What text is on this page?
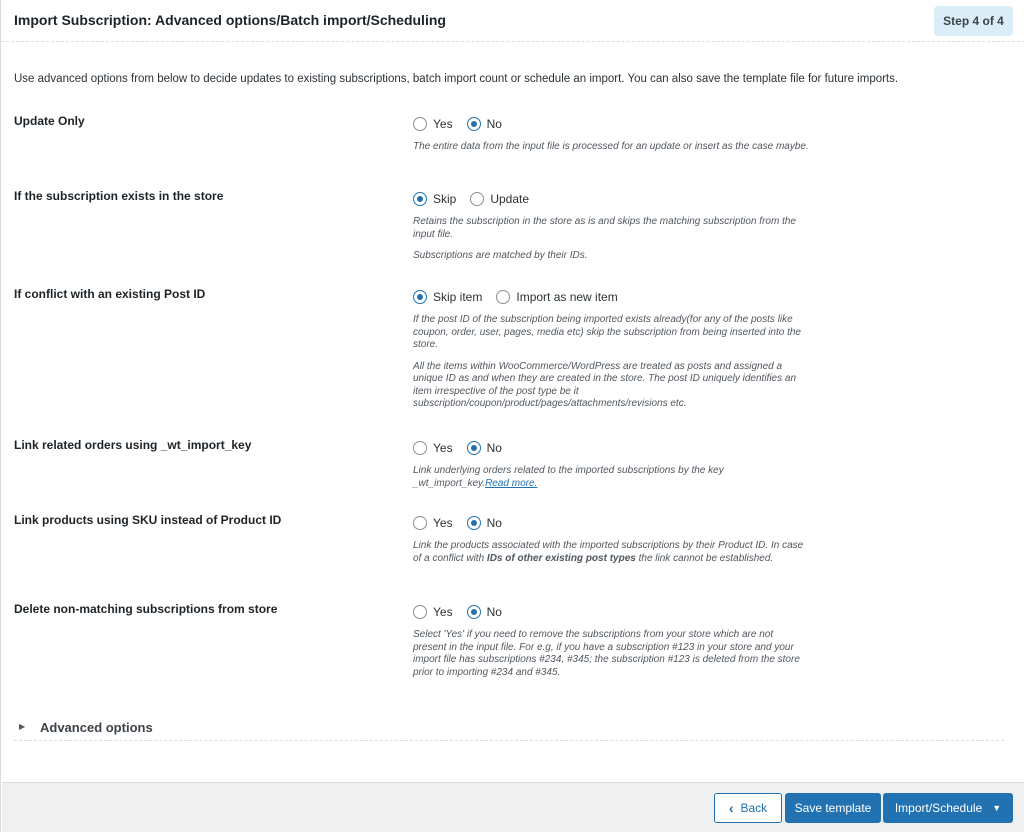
Import Subscription: Advanced options/Batch import/Scheduling	Step 4 of 4
Use advanced options from below to decide updates to existing subscriptions, batch import count or schedule an import. You can also save the template file for future imports.
Update Only	Yes	No
The entire data from the input file is processed for an update or insert as the case maybe.
If the subscription exists in the store	Skip	Update
Retains the subscription in the store as is and skips the matching subscription from the input file.
Subscriptions are matched by their IDs.
If conflict with an existing Post ID	Skip item	Import as new item
If the post ID of the subscription being imported exists already(for any of the posts like coupon, order, user, pages, media etc) skip the subscription from being inserted into the store.
All the items within WooCommerce/WordPress are treated as posts and assigned a unique ID as and when they are created in the store. The post ID uniquely identifies an item irrespective of the post type be it subscription/coupon/product/pages/attachments/revisions etc.
Link related orders using _wt_import_key	Yes	No
Link underlying orders related to the imported subscriptions by the key _wt_import_key.Read more.
Link products using SKU instead of Product ID	Yes	No
Link the products associated with the imported subscriptions by their Product ID. In case of a conflict with IDs of other existing post types the link cannot be established.
Delete non-matching subscriptions from store	Yes	No
Select 'Yes' if you need to remove the subscriptions from your store which are not present in the input file. For e.g, if you have a subscription #123 in your store and your import file has subscriptions #234, #345; the subscription #123 is deleted from the store prior to importing #234 and #345.
▶ Advanced options
‹ Back Save template Import/Schedule ▼
